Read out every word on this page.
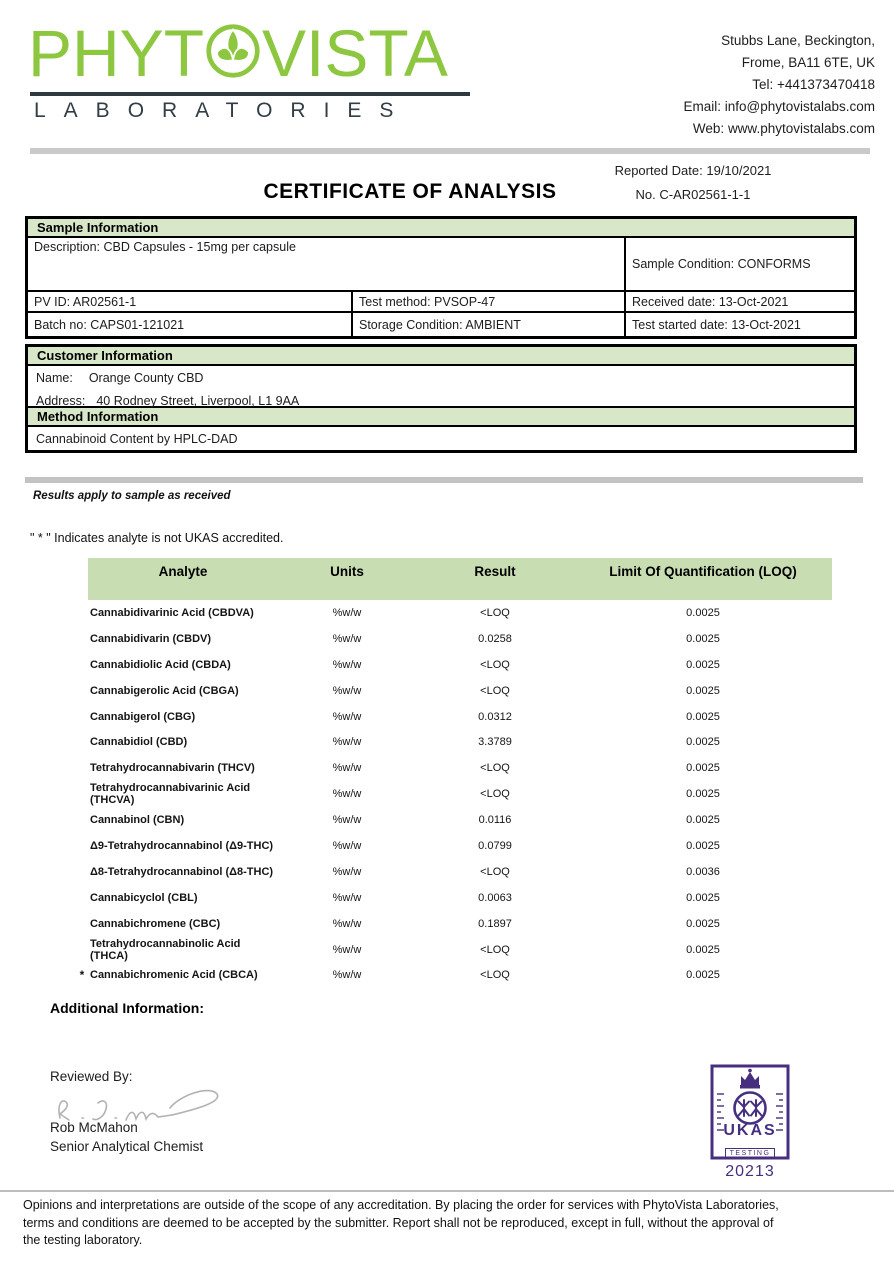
PHYT VISTA
LABORATORIES
Stubbs Lane, Beckington,
Frome, BA11 6TE, UK
Tel: +441373470418
Email: info@phytovistalabs.com
Web: www.phytovistalabs.com
Reported Date: 19/10/2021
No. C-AR02561-1-1
CERTIFICATE OF ANALYSIS
Sample Information
Description: CBD Capsules - 15mg per capsule
Sample Condition: CONFORMS
PV ID: AR02561-1	Test method: PVSOP-47	Received date: 13-Oct-2021
Batch no: CAPS01-121021	Storage Condition: AMBIENT	Test started date: 13-Oct-2021
Customer Information
Name: Orange County CBD
Address: 40 Rodney Street, Liverpool, L1 9AA
Method Information
Cannabinoid Content by HPLC-DAD
Results apply to sample as received
" * " Indicates analyte is not UKAS accredited.
Analyte	Units	Result	Limit Of Quantification (LOQ)
Cannabidivarinic Acid (CBDVA)	%w/w	<LOQ	0.0025
Cannabidivarin (CBDV)	%w/w	0.0258	0.0025
Cannabidiolic Acid (CBDA)	%w/w	<LOQ	0.0025
Cannabigerolic Acid (CBGA)	%w/w	<LOQ	0.0025
Cannabigerol (CBG)	%w/w	0.0312	0.0025
Cannabidiol (CBD)	%w/w	3.3789	0.0025
Tetrahydrocannabivarin (THCV)	%w/w	<LOQ	0.0025
Tetrahydrocannabivarinic Acid (THCVA)	%w/w	<LOQ	0.0025
Cannabinol (CBN)	%w/w	0.0116	0.0025
Δ9-Tetrahydrocannabinol (Δ9-THC)	%w/w	0.0799	0.0025
Δ8-Tetrahydrocannabinol (Δ8-THC)	%w/w	<LOQ	0.0036
Cannabicyclol (CBL)	%w/w	0.0063	0.0025
Cannabichromene (CBC)	%w/w	0.1897	0.0025
Tetrahydrocannabinolic Acid (THCA)	%w/w	<LOQ	0.0025
* Cannabichromenic Acid (CBCA)	%w/w	<LOQ	0.0025
Additional Information:
Reviewed By:
Rob McMahon
Senior Analytical Chemist
UKAS
TESTING
20213
Opinions and interpretations are outside of the scope of any accreditation. By placing the order for services with PhytoVista Laboratories,
terms and conditions are deemed to be accepted by the submitter. Report shall not be reproduced, except in full, without the approval of
the testing laboratory.
